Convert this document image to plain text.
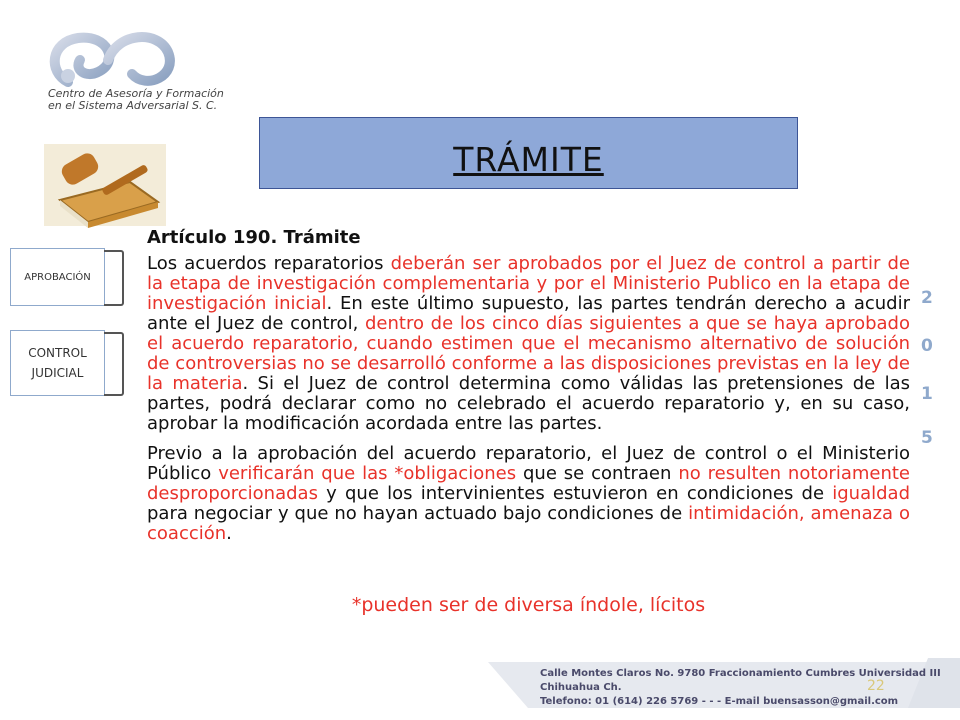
Centro de Asesoría y Formación
en el Sistema Adversarial S. C.
TRÁMITE
APROBACIÓN
CONTROL
JUDICIAL
Artículo 190. Trámite

Los acuerdos reparatorios deberán ser aprobados por el Juez de control a partir de la etapa de investigación complementaria y por el Ministerio Publico en la etapa de investigación inicial. En este último supuesto, las partes tendrán derecho a acudir ante el Juez de control, dentro de los cinco días siguientes a que se haya aprobado el acuerdo reparatorio, cuando estimen que el mecanismo alternativo de solución de controversias no se desarrolló conforme a las disposiciones previstas en la ley de la materia. Si el Juez de control determina como válidas las pretensiones de las partes, podrá declarar como no celebrado el acuerdo reparatorio y, en su caso, aprobar la modificación acordada entre las partes.

Previo a la aprobación del acuerdo reparatorio, el Juez de control o el Ministerio Público verificarán que las *obligaciones que se contraen no resulten notoriamente desproporcionadas y que los intervinientes estuvieron en condiciones de igualdad para negociar y que no hayan actuado bajo condiciones de intimidación, amenaza o coacción.

*pueden ser de diversa índole, lícitos
2
0
1
5
Calle Montes Claros No. 9780 Fraccionamiento Cumbres Universidad III Chihuahua Ch.
Telefono: 01 (614) 226 5769 - - - E-mail buensasson@gmail.com
22
